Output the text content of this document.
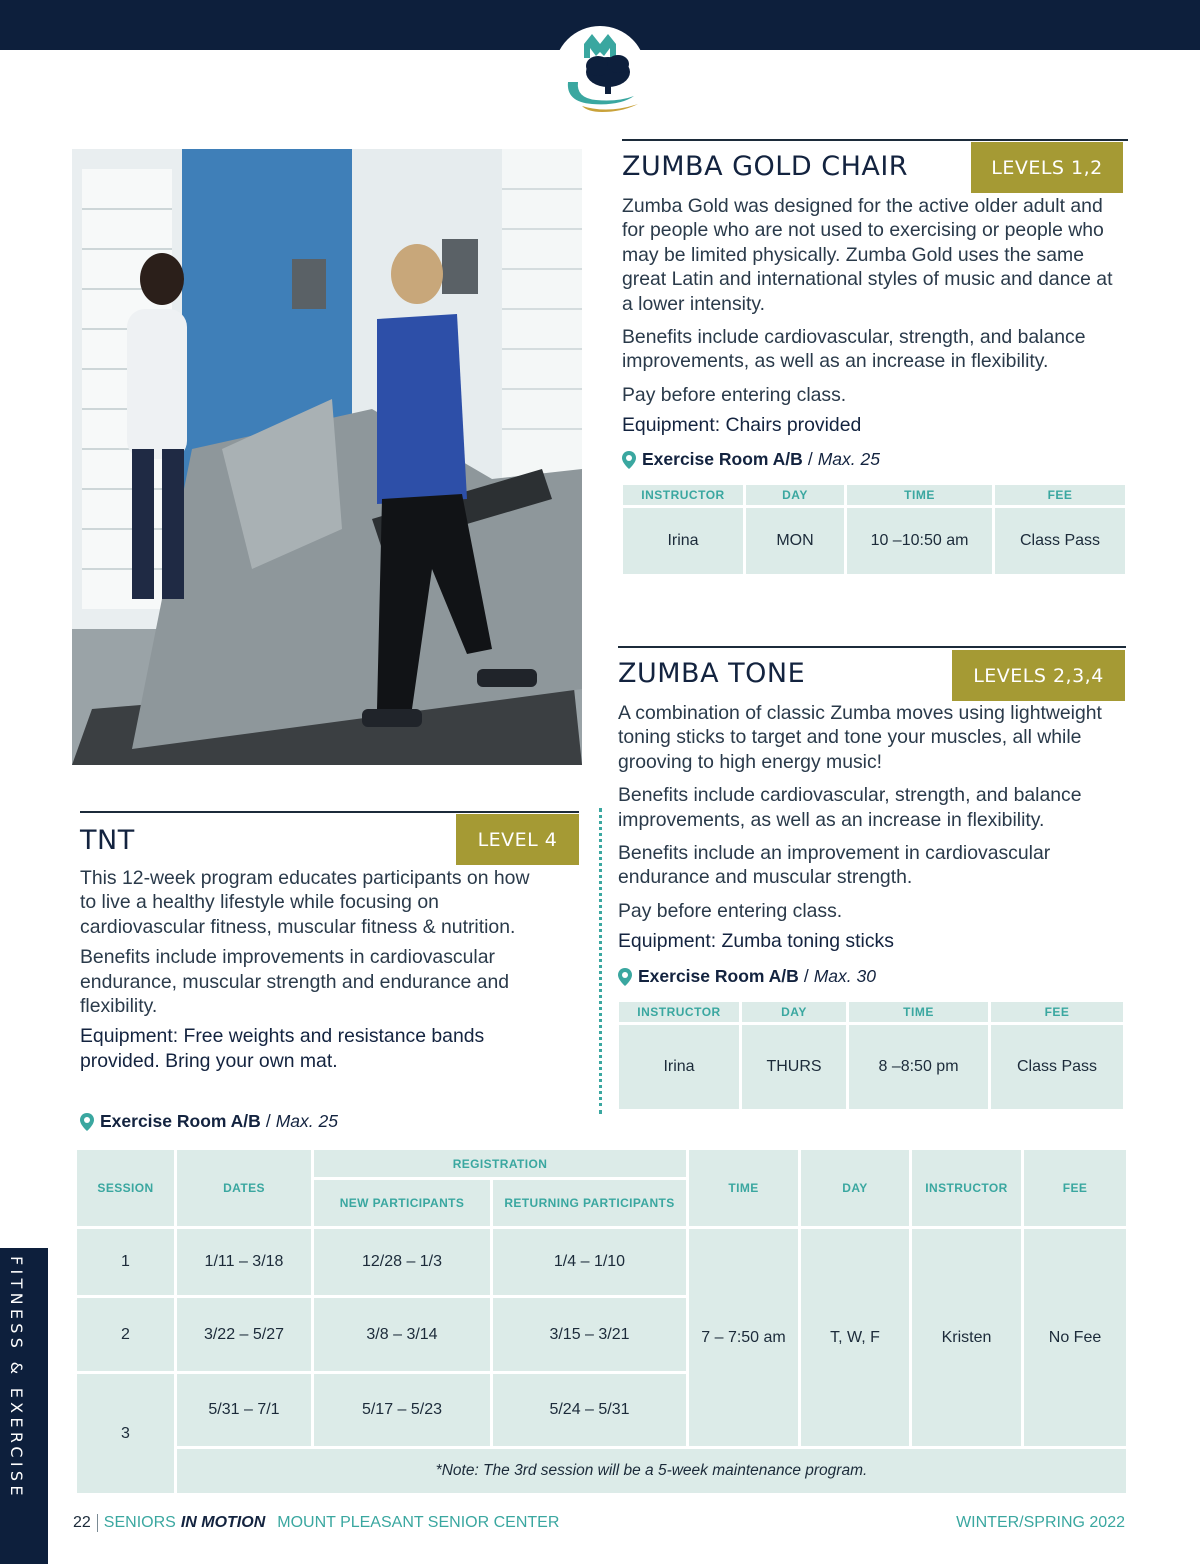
ZUMBA GOLD CHAIR	LEVELS 1,2

Zumba Gold was designed for the active older adult and for people who are not used to exercising or people who may be limited physically. Zumba Gold uses the same great Latin and international styles of music and dance at a lower intensity.

Benefits include cardiovascular, strength, and balance improvements, as well as an increase in flexibility.

Pay before entering class.

Equipment: Chairs provided

Exercise Room A/B / Max. 25
INSTRUCTOR	DAY	TIME	FEE
Irina	MON	10 –10:50 am	Class Pass
ZUMBA TONE	LEVELS 2,3,4

A combination of classic Zumba moves using lightweight toning sticks to target and tone your muscles, all while grooving to high energy music!

Benefits include cardiovascular, strength, and balance improvements, as well as an increase in flexibility.

Benefits include an improvement in cardiovascular endurance and muscular strength.

Pay before entering class.

Equipment: Zumba toning sticks

Exercise Room A/B / Max. 30
INSTRUCTOR	DAY	TIME	FEE
Irina	THURS	8 –8:50 pm	Class Pass
TNT	LEVEL 4

This 12-week program educates participants on how to live a healthy lifestyle while focusing on cardiovascular fitness, muscular fitness & nutrition.

Benefits include improvements in cardiovascular endurance, muscular strength and endurance and flexibility.

Equipment: Free weights and resistance bands provided. Bring your own mat.

Exercise Room A/B / Max. 25
SESSION	DATES	REGISTRATION		TIME	DAY	INSTRUCTOR	FEE
		NEW PARTICIPANTS	RETURNING PARTICIPANTS				
1	1/11 – 3/18	12/28 – 1/3	1/4 – 1/10	7 – 7:50 am	T, W, F	Kristen	No Fee
2	3/22 – 5/27	3/8 – 3/14	3/15 – 3/21				
3	5/31 – 7/1	5/17 – 5/23	5/24 – 5/31				
	*Note: The 3rd session will be a 5-week maintenance program.						
FITNESS & EXERCISE
22 SENIORS IN MOTION MOUNT PLEASANT SENIOR CENTER	WINTER/SPRING 2022
